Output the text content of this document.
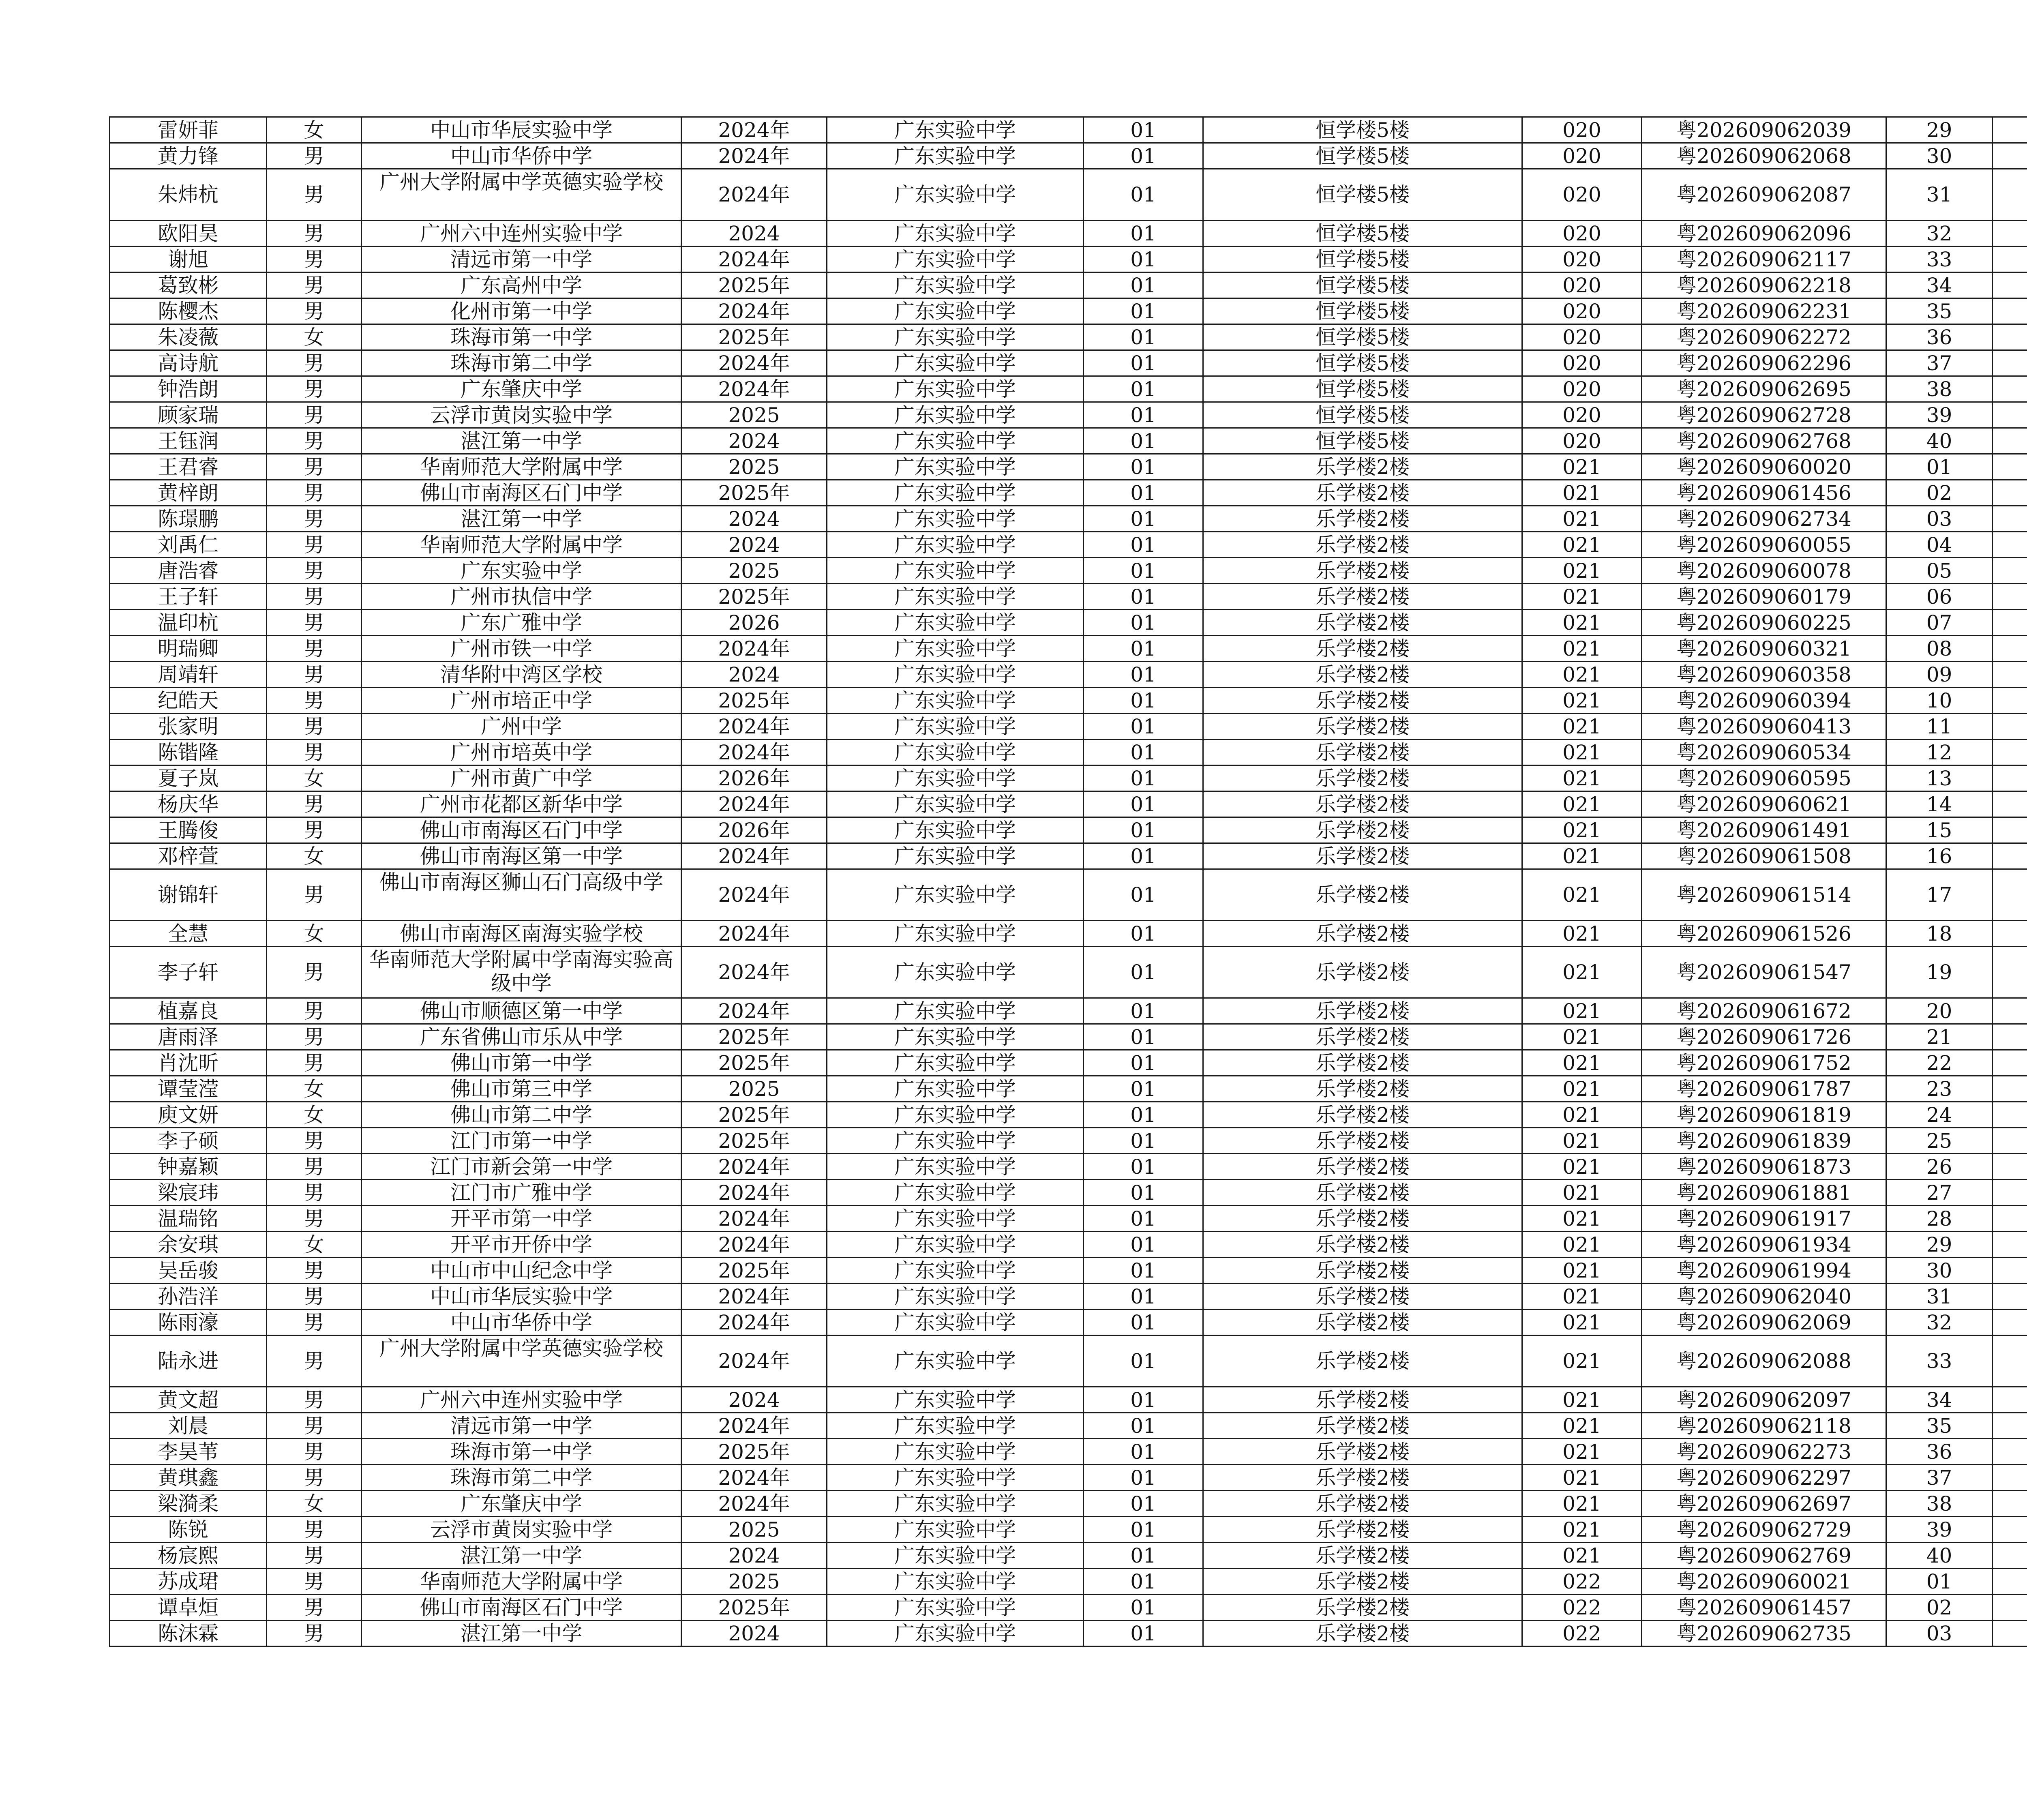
雷妍菲	女	中山市华辰实验中学	2024年	广东实验中学	01	恒学楼5楼	020	粤202609062039	29	
黄力锋	男	中山市华侨中学	2024年	广东实验中学	01	恒学楼5楼	020	粤202609062068	30	
朱炜杭	男	广州大学附属中学英德实验学校	2024年	广东实验中学	01	恒学楼5楼	020	粤202609062087	31	
欧阳昊	男	广州六中连州实验中学	2024	广东实验中学	01	恒学楼5楼	020	粤202609062096	32	
谢旭	男	清远市第一中学	2024年	广东实验中学	01	恒学楼5楼	020	粤202609062117	33	
葛致彬	男	广东高州中学	2025年	广东实验中学	01	恒学楼5楼	020	粤202609062218	34	
陈樱杰	男	化州市第一中学	2024年	广东实验中学	01	恒学楼5楼	020	粤202609062231	35	
朱凌薇	女	珠海市第一中学	2025年	广东实验中学	01	恒学楼5楼	020	粤202609062272	36	
高诗航	男	珠海市第二中学	2024年	广东实验中学	01	恒学楼5楼	020	粤202609062296	37	
钟浩朗	男	广东肇庆中学	2024年	广东实验中学	01	恒学楼5楼	020	粤202609062695	38	
顾家瑞	男	云浮市黄岗实验中学	2025	广东实验中学	01	恒学楼5楼	020	粤202609062728	39	
王钰润	男	湛江第一中学	2024	广东实验中学	01	恒学楼5楼	020	粤202609062768	40	
王君睿	男	华南师范大学附属中学	2025	广东实验中学	01	乐学楼2楼	021	粤202609060020	01	
黄梓朗	男	佛山市南海区石门中学	2025年	广东实验中学	01	乐学楼2楼	021	粤202609061456	02	
陈璟鹏	男	湛江第一中学	2024	广东实验中学	01	乐学楼2楼	021	粤202609062734	03	
刘禹仁	男	华南师范大学附属中学	2024	广东实验中学	01	乐学楼2楼	021	粤202609060055	04	
唐浩睿	男	广东实验中学	2025	广东实验中学	01	乐学楼2楼	021	粤202609060078	05	
王子轩	男	广州市执信中学	2025年	广东实验中学	01	乐学楼2楼	021	粤202609060179	06	
温印杭	男	广东广雅中学	2026	广东实验中学	01	乐学楼2楼	021	粤202609060225	07	
明瑞卿	男	广州市铁一中学	2024年	广东实验中学	01	乐学楼2楼	021	粤202609060321	08	
周靖轩	男	清华附中湾区学校	2024	广东实验中学	01	乐学楼2楼	021	粤202609060358	09	
纪皓天	男	广州市培正中学	2025年	广东实验中学	01	乐学楼2楼	021	粤202609060394	10	
张家明	男	广州中学	2024年	广东实验中学	01	乐学楼2楼	021	粤202609060413	11	
陈锴隆	男	广州市培英中学	2024年	广东实验中学	01	乐学楼2楼	021	粤202609060534	12	
夏子岚	女	广州市黄广中学	2026年	广东实验中学	01	乐学楼2楼	021	粤202609060595	13	
杨庆华	男	广州市花都区新华中学	2024年	广东实验中学	01	乐学楼2楼	021	粤202609060621	14	
王腾俊	男	佛山市南海区石门中学	2026年	广东实验中学	01	乐学楼2楼	021	粤202609061491	15	
邓梓萱	女	佛山市南海区第一中学	2024年	广东实验中学	01	乐学楼2楼	021	粤202609061508	16	
谢锦轩	男	佛山市南海区狮山石门高级中学	2024年	广东实验中学	01	乐学楼2楼	021	粤202609061514	17	
全慧	女	佛山市南海区南海实验学校	2024年	广东实验中学	01	乐学楼2楼	021	粤202609061526	18	
李子轩	男	华南师范大学附属中学南海实验高级中学	2024年	广东实验中学	01	乐学楼2楼	021	粤202609061547	19	
植嘉良	男	佛山市顺德区第一中学	2024年	广东实验中学	01	乐学楼2楼	021	粤202609061672	20	
唐雨泽	男	广东省佛山市乐从中学	2025年	广东实验中学	01	乐学楼2楼	021	粤202609061726	21	
肖沈昕	男	佛山市第一中学	2025年	广东实验中学	01	乐学楼2楼	021	粤202609061752	22	
谭莹滢	女	佛山市第三中学	2025	广东实验中学	01	乐学楼2楼	021	粤202609061787	23	
庾文妍	女	佛山市第二中学	2025年	广东实验中学	01	乐学楼2楼	021	粤202609061819	24	
李子硕	男	江门市第一中学	2025年	广东实验中学	01	乐学楼2楼	021	粤202609061839	25	
钟嘉颖	男	江门市新会第一中学	2024年	广东实验中学	01	乐学楼2楼	021	粤202609061873	26	
梁宸玮	男	江门市广雅中学	2024年	广东实验中学	01	乐学楼2楼	021	粤202609061881	27	
温瑞铭	男	开平市第一中学	2024年	广东实验中学	01	乐学楼2楼	021	粤202609061917	28	
余安琪	女	开平市开侨中学	2024年	广东实验中学	01	乐学楼2楼	021	粤202609061934	29	
吴岳骏	男	中山市中山纪念中学	2025年	广东实验中学	01	乐学楼2楼	021	粤202609061994	30	
孙浩洋	男	中山市华辰实验中学	2024年	广东实验中学	01	乐学楼2楼	021	粤202609062040	31	
陈雨濠	男	中山市华侨中学	2024年	广东实验中学	01	乐学楼2楼	021	粤202609062069	32	
陆永进	男	广州大学附属中学英德实验学校	2024年	广东实验中学	01	乐学楼2楼	021	粤202609062088	33	
黄文超	男	广州六中连州实验中学	2024	广东实验中学	01	乐学楼2楼	021	粤202609062097	34	
刘晨	男	清远市第一中学	2024年	广东实验中学	01	乐学楼2楼	021	粤202609062118	35	
李昊苇	男	珠海市第一中学	2025年	广东实验中学	01	乐学楼2楼	021	粤202609062273	36	
黄琪鑫	男	珠海市第二中学	2024年	广东实验中学	01	乐学楼2楼	021	粤202609062297	37	
梁漪柔	女	广东肇庆中学	2024年	广东实验中学	01	乐学楼2楼	021	粤202609062697	38	
陈锐	男	云浮市黄岗实验中学	2025	广东实验中学	01	乐学楼2楼	021	粤202609062729	39	
杨宸熙	男	湛江第一中学	2024	广东实验中学	01	乐学楼2楼	021	粤202609062769	40	
苏成珺	男	华南师范大学附属中学	2025	广东实验中学	01	乐学楼2楼	022	粤202609060021	01	
谭卓烜	男	佛山市南海区石门中学	2025年	广东实验中学	01	乐学楼2楼	022	粤202609061457	02	
陈沫霖	男	湛江第一中学	2024	广东实验中学	01	乐学楼2楼	022	粤202609062735	03	
